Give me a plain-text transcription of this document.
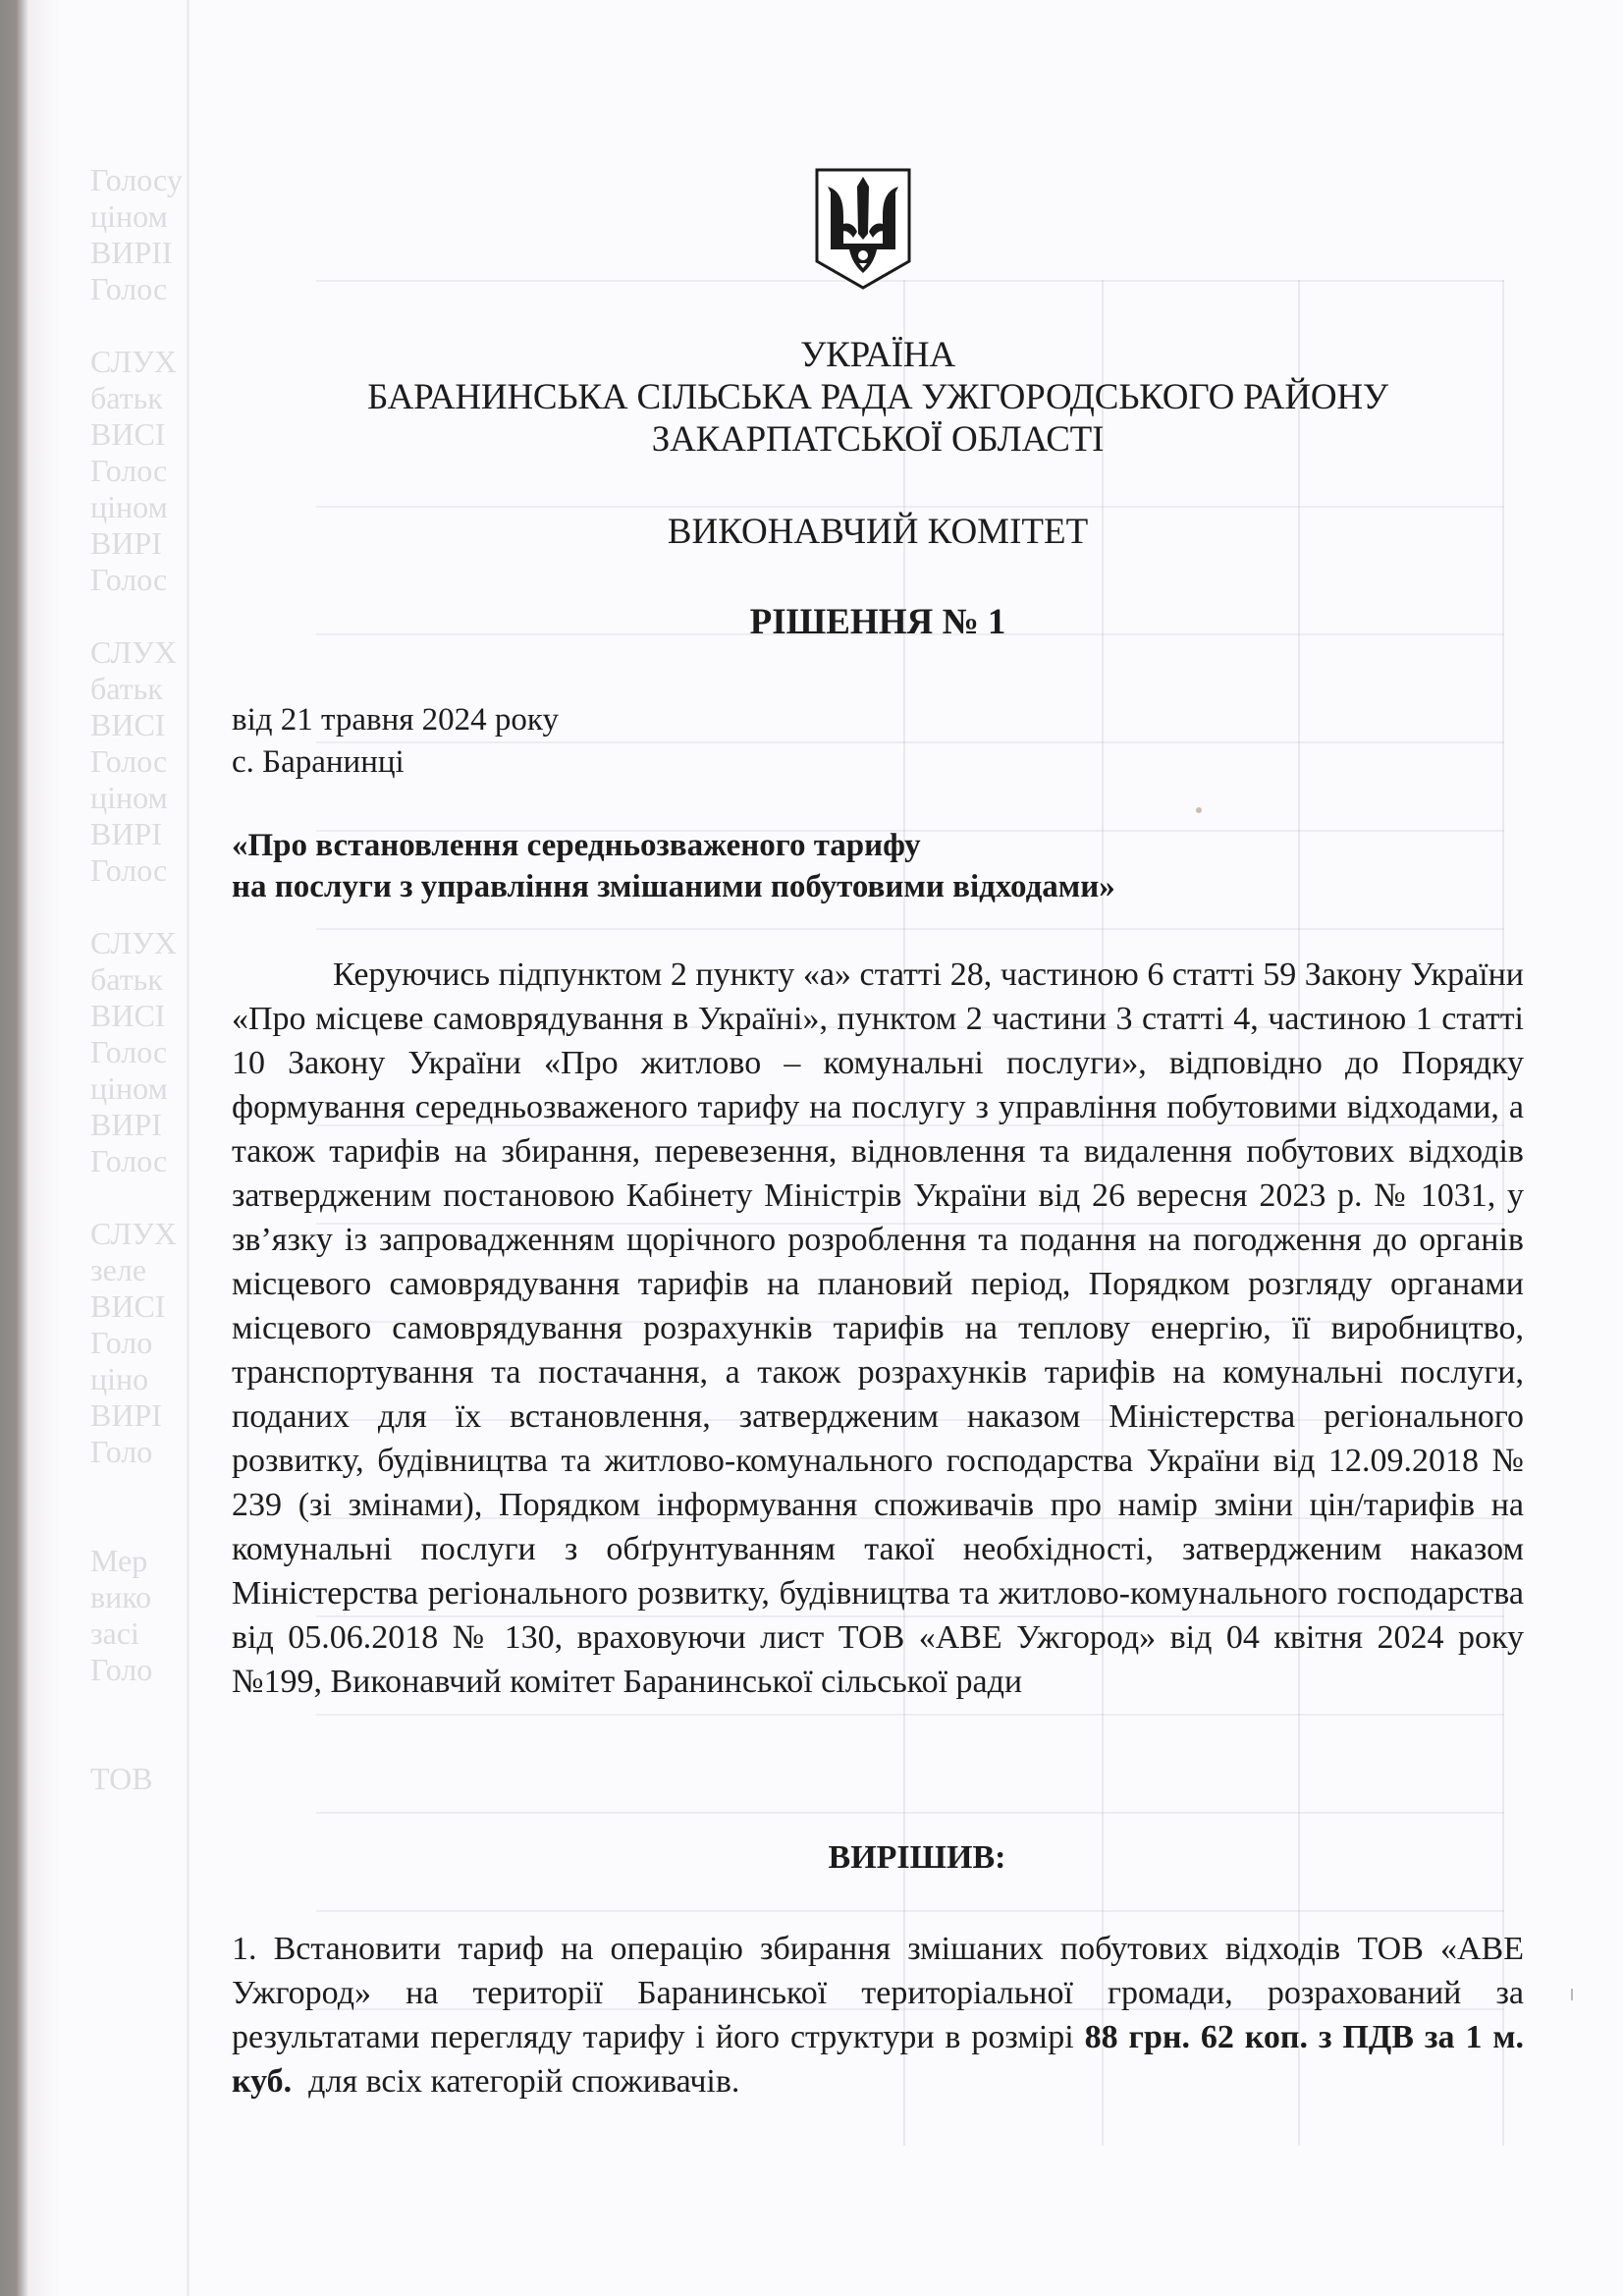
Голосу
ціном
ВИРІІ
Голос

СЛУХ
батьк
ВИСІ
Голос
ціном
ВИРІ
Голос

СЛУХ
батьк
ВИСІ
Голос
ціном
ВИРІ
Голос

СЛУХ
батьк
ВИСІ
Голос
ціном
ВИРІ
Голос

СЛУХ
зеле
ВИСІ
Голо
ціно
ВИРІ
Голо

Мер
вико
засі
Голо

ТОВ
УКРАЇНА
БАРАНИНСЬКА СІЛЬСЬКА РАДА УЖГОРОДСЬКОГО РАЙОНУ
ЗАКАРПАТСЬКОЇ ОБЛАСТІ
ВИКОНАВЧИЙ КОМІТЕТ
РІШЕННЯ № 1
від 21 травня 2024 року
с. Баранинці
«Про встановлення середньозваженого тарифу
на послуги з управління змішаними побутовими відходами»

Керуючись підпунктом 2 пункту «а» статті 28, частиною 6 статті 59 Закону України «Про місцеве самоврядування в Україні», пунктом 2 частини 3 статті 4, частиною 1 статті 10 Закону України «Про житлово – комунальні послуги», відповідно до Порядку формування середньозваженого тарифу на послугу з управління побутовими відходами, а також тарифів на збирання, перевезення, відновлення та видалення побутових відходів затвердженим постановою Кабінету Міністрів України від 26 вересня 2023 р. № 1031, у зв’язку із запровадженням щорічного розроблення та подання на погодження до органів місцевого самоврядування тарифів на плановий період, Порядком розгляду органами місцевого самоврядування розрахунків тарифів на теплову енергію, її виробництво, транспортування та постачання, а також розрахунків тарифів на комунальні послуги, поданих для їх встановлення, затвердженим наказом Міністерства регіонального розвитку, будівництва та житлово-комунального господарства України від 12.09.2018 № 239 (зі змінами), Порядком інформування споживачів про намір зміни цін/тарифів на комунальні послуги з обґрунтуванням такої необхідності, затвердженим наказом Міністерства регіонального розвитку, будівництва та житлово-комунального господарства від 05.06.2018 № 130, враховуючи лист ТОВ «АВЕ Ужгород» від 04 квітня 2024 року №199, Виконавчий комітет Баранинської сільської ради

ВИРІШИВ:

1. Встановити тариф на операцію збирання змішаних побутових відходів ТОВ «АВЕ Ужгород» на території Баранинської територіальної громади, розрахований за результатами перегляду тарифу і його структури в розмірі 88 грн. 62 коп. з ПДВ за 1 м. куб.  для всіх категорій споживачів.
